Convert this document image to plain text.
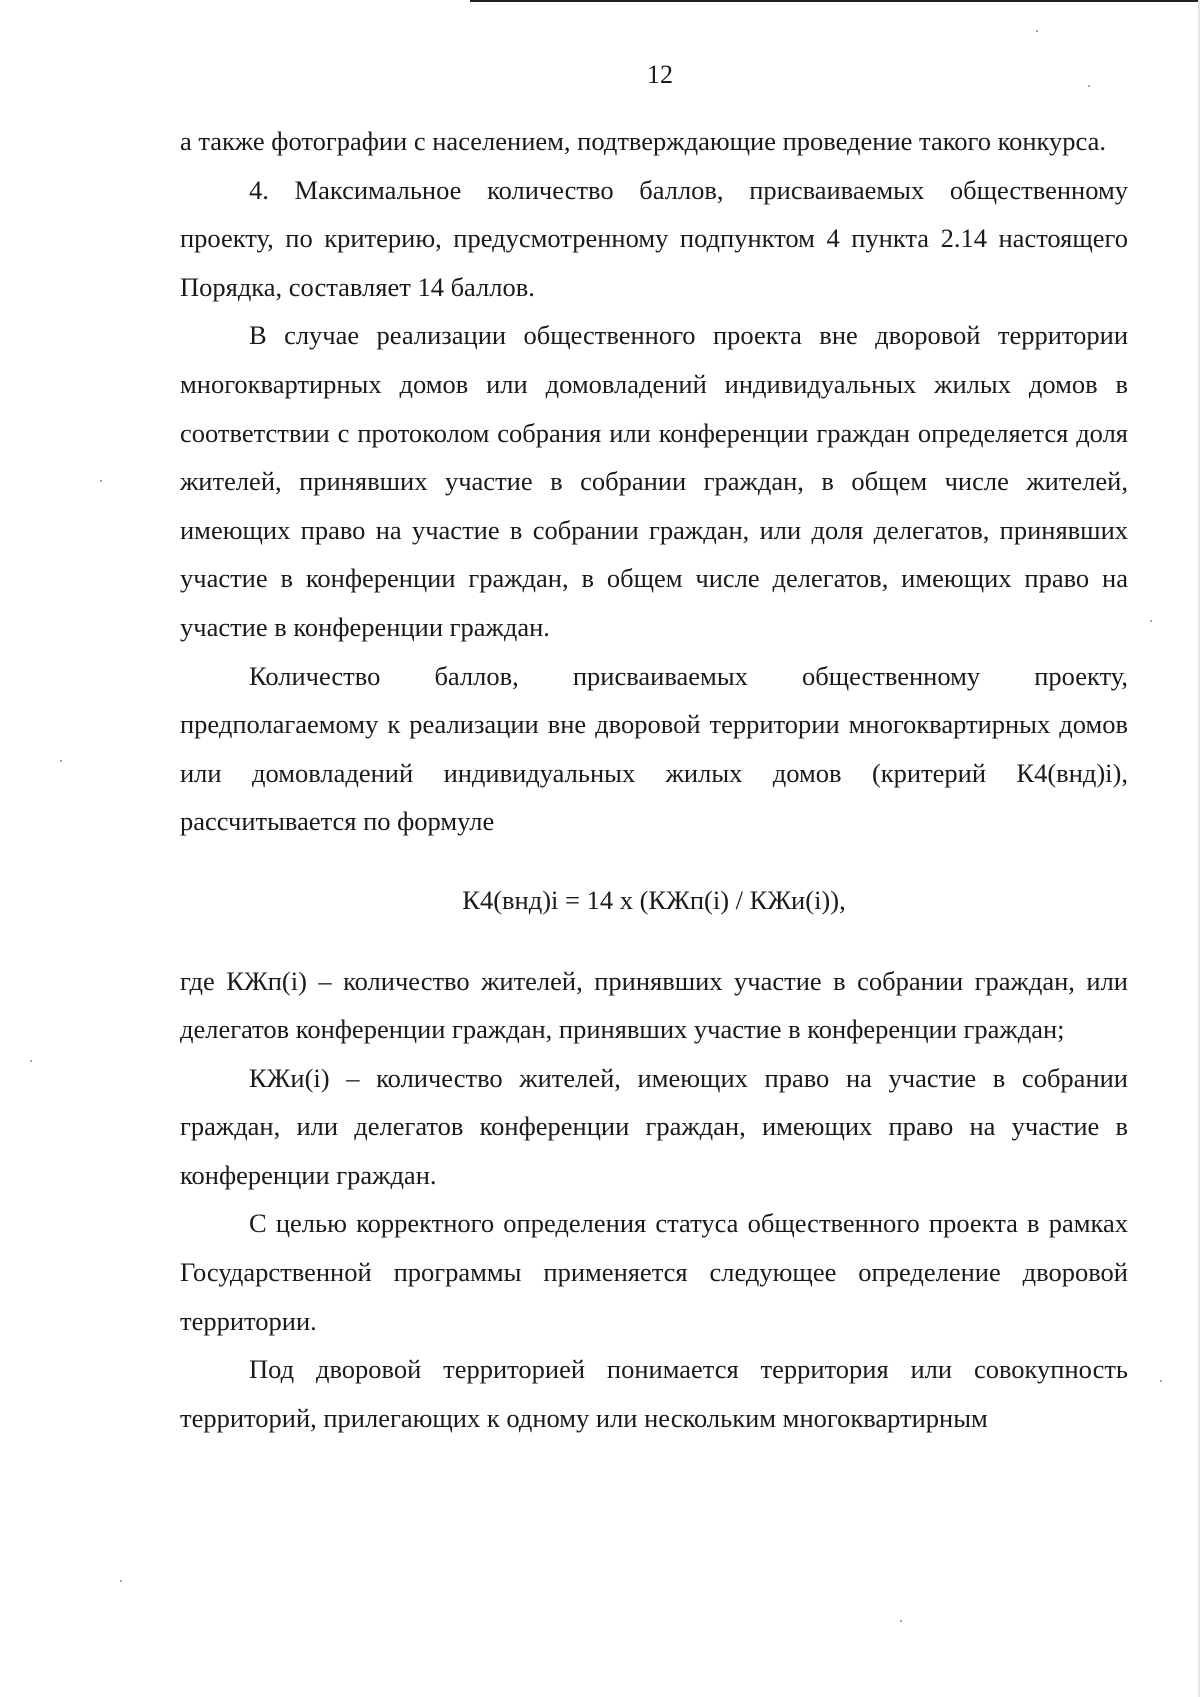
12

а также фотографии с населением, подтверждающие проведение такого конкурса.

4. Максимальное количество баллов, присваиваемых общественному проекту, по критерию, предусмотренному подпунктом 4 пункта 2.14 настоящего Порядка, составляет 14 баллов.

В случае реализации общественного проекта вне дворовой территории многоквартирных домов или домовладений индивидуальных жилых домов в соответствии с протоколом собрания или конференции граждан определяется доля жителей, принявших участие в собрании граждан, в общем числе жителей, имеющих право на участие в собрании граждан, или доля делегатов, принявших участие в конференции граждан, в общем числе делегатов, имеющих право на участие в конференции граждан.

Количество баллов, присваиваемых общественному проекту, предполагаемому к реализации вне дворовой территории многоквартирных домов или домовладений индивидуальных жилых домов (критерий К4(внд)i), рассчитывается по формуле

К4(внд)i = 14 х (КЖп(i) / КЖи(i)),

где КЖп(i) – количество жителей, принявших участие в собрании граждан, или делегатов конференции граждан, принявших участие в конференции граждан;

КЖи(i) – количество жителей, имеющих право на участие в собрании граждан, или делегатов конференции граждан, имеющих право на участие в конференции граждан.

С целью корректного определения статуса общественного проекта в рамках Государственной программы применяется следующее определение дворовой территории.

Под дворовой территорией понимается территория или совокупность территорий, прилегающих к одному или нескольким многоквартирным
